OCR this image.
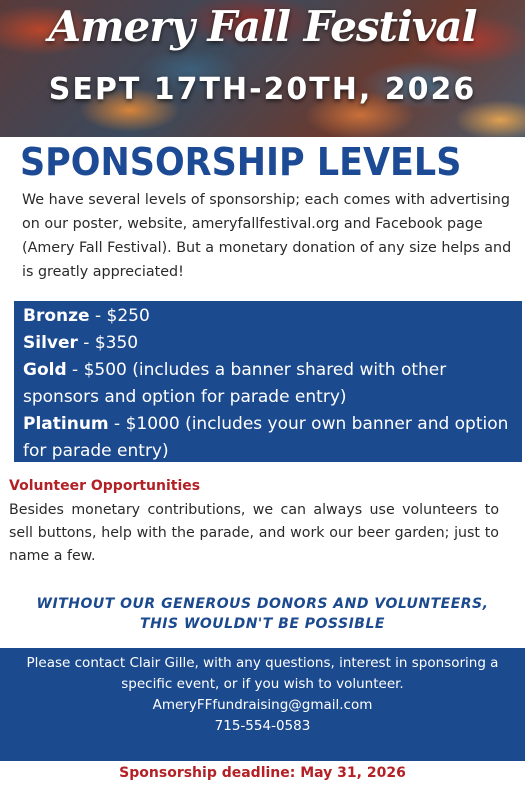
Amery Fall Festival
SEPT 17TH-20TH, 2026
SPONSORSHIP LEVELS
We have several levels of sponsorship; each comes with advertising on our poster, website, ameryfallfestival.org and Facebook page (Amery Fall Festival). But a monetary donation of any size helps and is greatly appreciated!
Bronze - $250
Silver - $350
Gold - $500 (includes a banner shared with other sponsors and option for parade entry)
Platinum - $1000 (includes your own banner and option for parade entry)
Volunteer Opportunities
Besides monetary contributions, we can always use volunteers to sell buttons, help with the parade, and work our beer garden; just to name a few.
WITHOUT OUR GENEROUS DONORS AND VOLUNTEERS,
THIS WOULDN'T BE POSSIBLE
Please contact Clair Gille, with any questions, interest in sponsoring a specific event, or if you wish to volunteer.
AmeryFFfundraising@gmail.com
715-554-0583
Sponsorship deadline: May 31, 2026
